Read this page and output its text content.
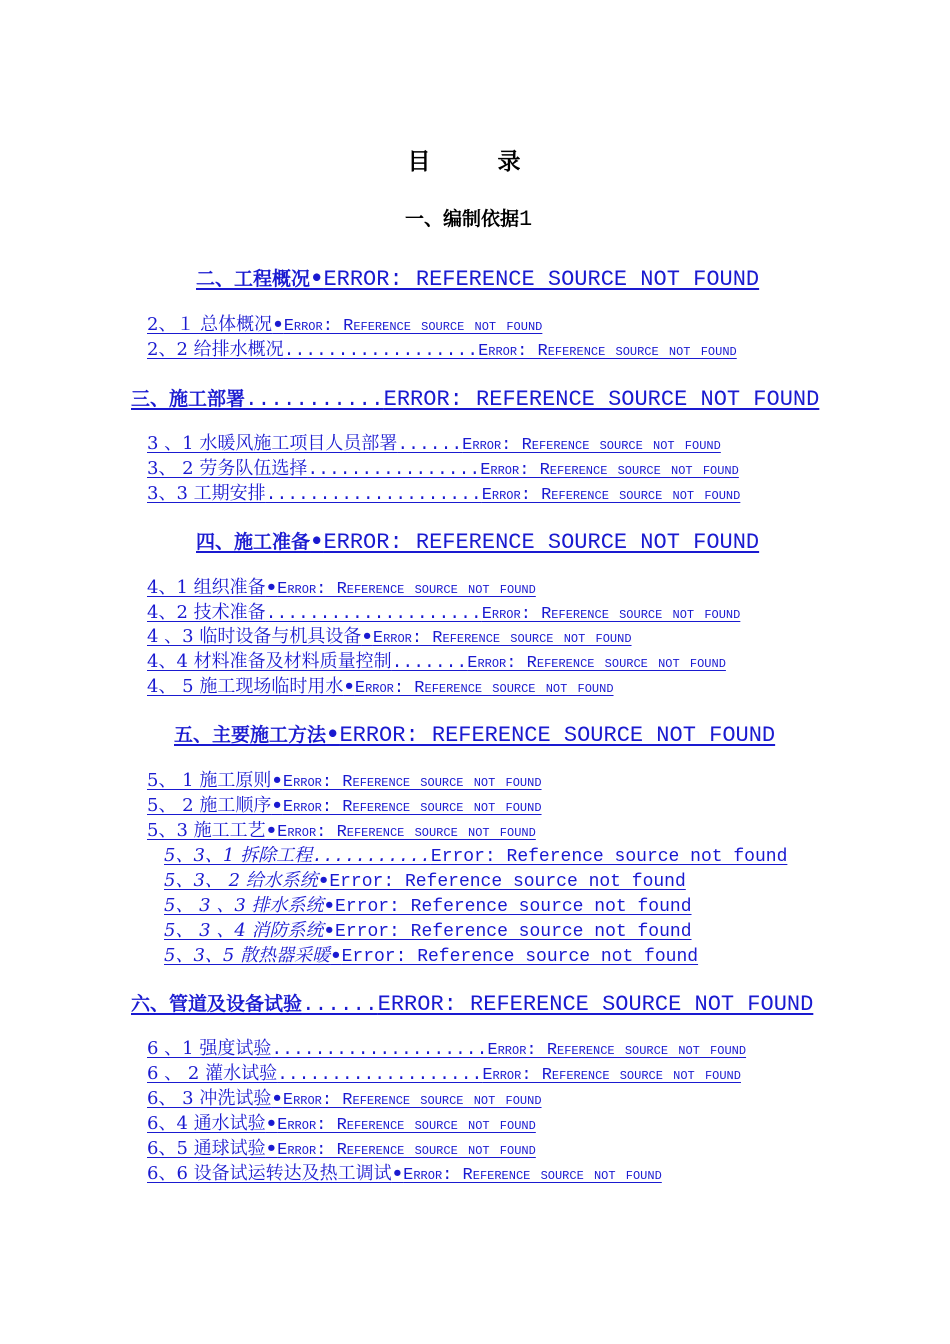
目　录
一、编制依据1
二、工程概况•ERROR: REFERENCE SOURCE NOT FOUND
2、１ 总体概况•Error: Reference source not found
2、2 给排水概况..................Error: Reference source not found
三、施工部署...........ERROR: REFERENCE SOURCE NOT FOUND
3 、1 水暖风施工项目人员部署......Error: Reference source not found
3、 2 劳务队伍选择................Error: Reference source not found
3、3 工期安排....................Error: Reference source not found
四、施工准备•ERROR: REFERENCE SOURCE NOT FOUND
4、1 组织准备•Error: Reference source not found
4、2 技术准备....................Error: Reference source not found
4 、3 临时设备与机具设备•Error: Reference source not found
4、4 材料准备及材料质量控制.......Error: Reference source not found
4、 5 施工现场临时用水•Error: Reference source not found
五、主要施工方法•ERROR: REFERENCE SOURCE NOT FOUND
5、 1 施工原则•Error: Reference source not found
5、 2 施工顺序•Error: Reference source not found
5、3 施工工艺•Error: Reference source not found
5、3、1 拆除工程...........Error: Reference source not found
5、3、 2 给水系统•Error: Reference source not found
5、 3 、3 排水系统•Error: Reference source not found
5、 3 、4 消防系统•Error: Reference source not found
5、3、5 散热器采暖•Error: Reference source not found
六、管道及设备试验......ERROR: REFERENCE SOURCE NOT FOUND
6 、1 强度试验....................Error: Reference source not found
6 、 2 灌水试验...................Error: Reference source not found
6、 3 冲洗试验•Error: Reference source not found
6、4 通水试验•Error: Reference source not found
6、5 通球试验•Error: Reference source not found
6、6 设备试运转达及热工调试•Error: Reference source not found
